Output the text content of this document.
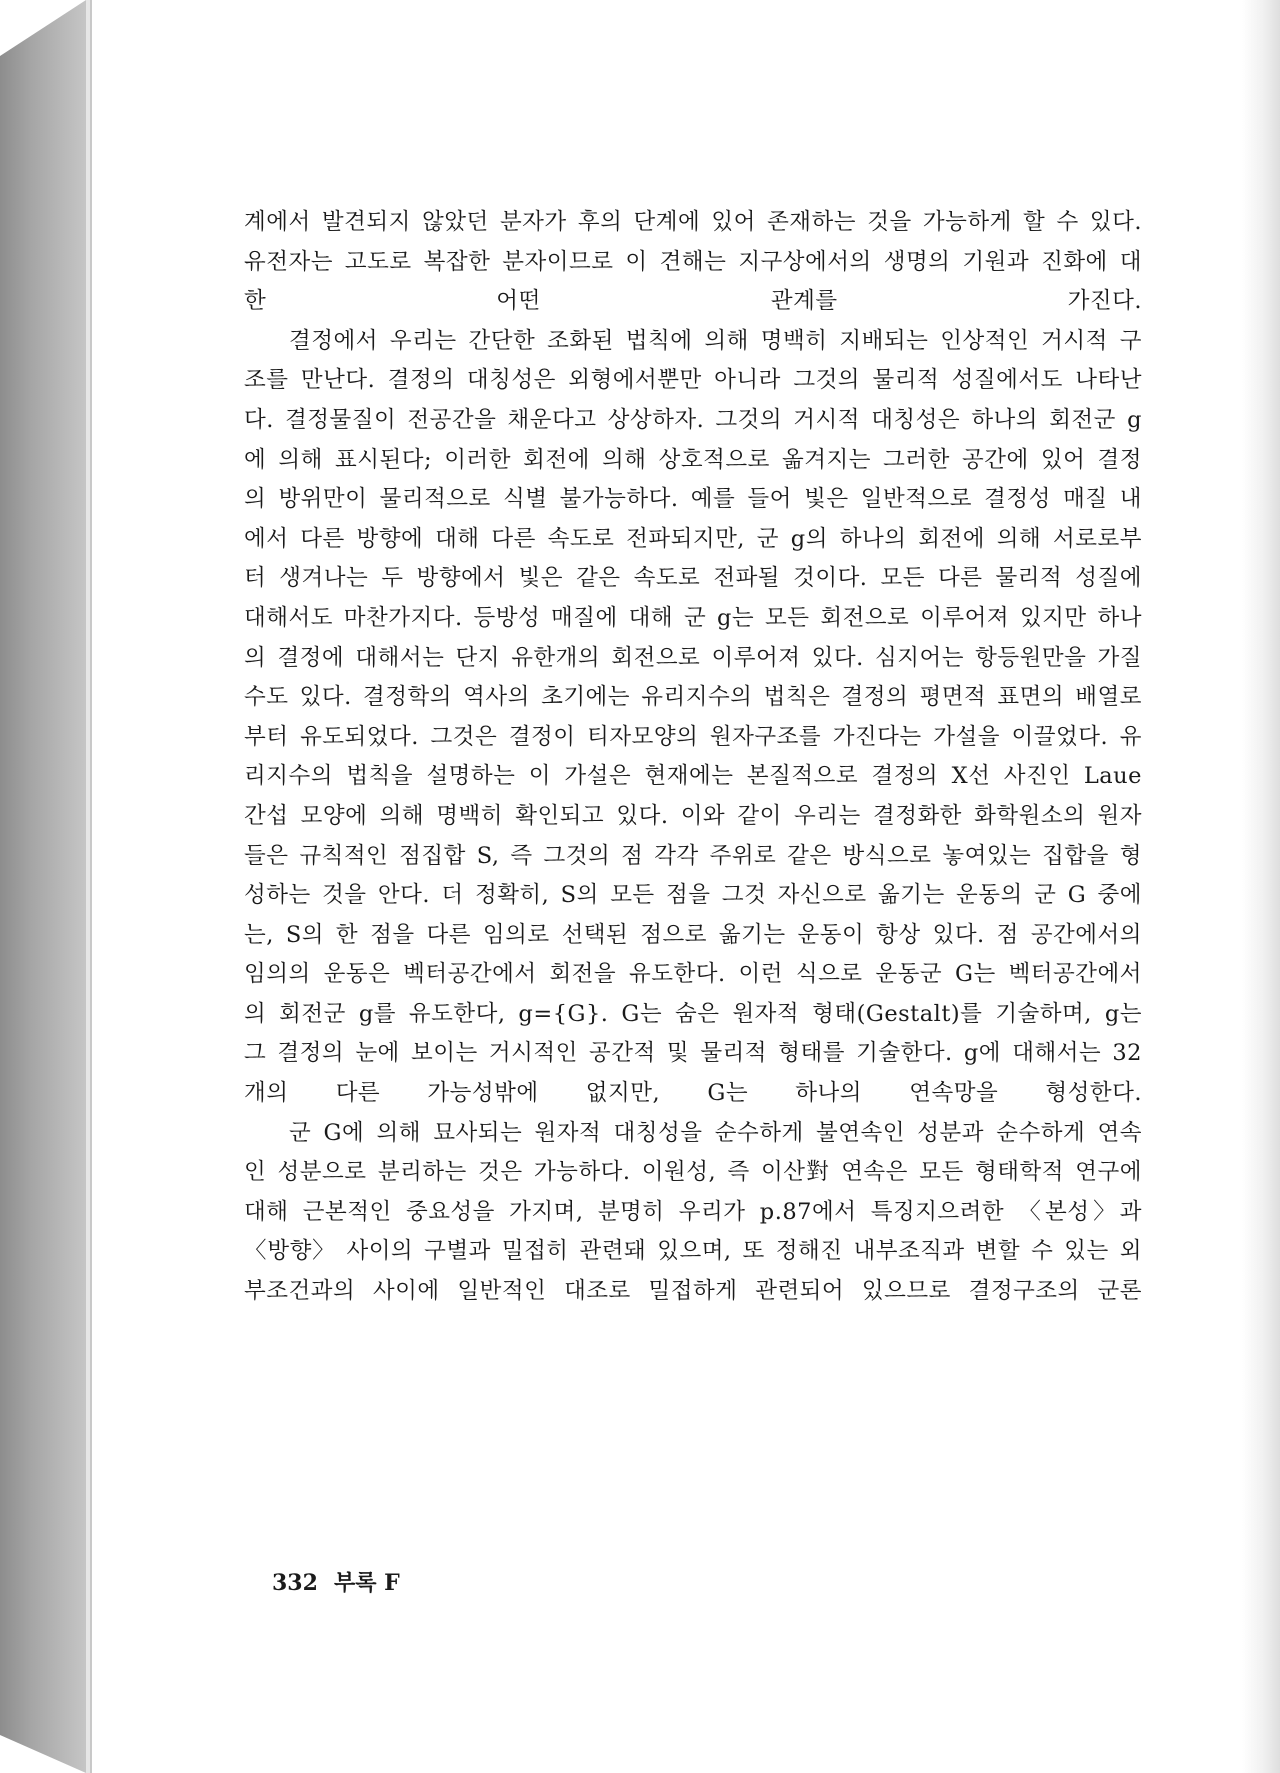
계에서 발견되지 않았던 분자가 후의 단계에 있어 존재하는 것을 가능하게 할 수 있다. 유전자는 고도로 복잡한 분자이므로 이 견해는 지구상에서의 생명의 기원과 진화에 대한 어떤 관계를 가진다.

결정에서 우리는 간단한 조화된 법칙에 의해 명백히 지배되는 인상적인 거시적 구조를 만난다. 결정의 대칭성은 외형에서뿐만 아니라 그것의 물리적 성질에서도 나타난다. 결정물질이 전공간을 채운다고 상상하자. 그것의 거시적 대칭성은 하나의 회전군 g에 의해 표시된다; 이러한 회전에 의해 상호적으로 옮겨지는 그러한 공간에 있어 결정의 방위만이 물리적으로 식별 불가능하다. 예를 들어 빛은 일반적으로 결정성 매질 내에서 다른 방향에 대해 다른 속도로 전파되지만, 군 g의 하나의 회전에 의해 서로로부터 생겨나는 두 방향에서 빛은 같은 속도로 전파될 것이다. 모든 다른 물리적 성질에 대해서도 마찬가지다. 등방성 매질에 대해 군 g는 모든 회전으로 이루어져 있지만 하나의 결정에 대해서는 단지 유한개의 회전으로 이루어져 있다. 심지어는 항등원만을 가질 수도 있다. 결정학의 역사의 초기에는 유리지수의 법칙은 결정의 평면적 표면의 배열로부터 유도되었다. 그것은 결정이 티자모양의 원자구조를 가진다는 가설을 이끌었다. 유리지수의 법칙을 설명하는 이 가설은 현재에는 본질적으로 결정의 X선 사진인 Laue 간섭 모양에 의해 명백히 확인되고 있다. 이와 같이 우리는 결정화한 화학원소의 원자들은 규칙적인 점집합 S, 즉 그것의 점 각각 주위로 같은 방식으로 놓여있는 집합을 형성하는 것을 안다. 더 정확히, S의 모든 점을 그것 자신으로 옮기는 운동의 군 G 중에는, S의 한 점을 다른 임의로 선택된 점으로 옮기는 운동이 항상 있다. 점 공간에서의 임의의 운동은 벡터공간에서 회전을 유도한다. 이런 식으로 운동군 G는 벡터공간에서의 회전군 g를 유도한다, g={G}. G는 숨은 원자적 형태(Gestalt)를 기술하며, g는 그 결정의 눈에 보이는 거시적인 공간적 및 물리적 형태를 기술한다. g에 대해서는 32개의 다른 가능성밖에 없지만, G는 하나의 연속망을 형성한다.

군 G에 의해 묘사되는 원자적 대칭성을 순수하게 불연속인 성분과 순수하게 연속인 성분으로 분리하는 것은 가능하다. 이원성, 즉 이산對 연속은 모든 형태학적 연구에 대해 근본적인 중요성을 가지며, 분명히 우리가 p.87에서 특징지으려한 〈본성〉과 〈방향〉 사이의 구별과 밀접히 관련돼 있으며, 또 정해진 내부조직과 변할 수 있는 외부조건과의 사이에 일반적인 대조로 밀접하게 관련되어 있으므로 결정구조의 군론

332 부록 F
